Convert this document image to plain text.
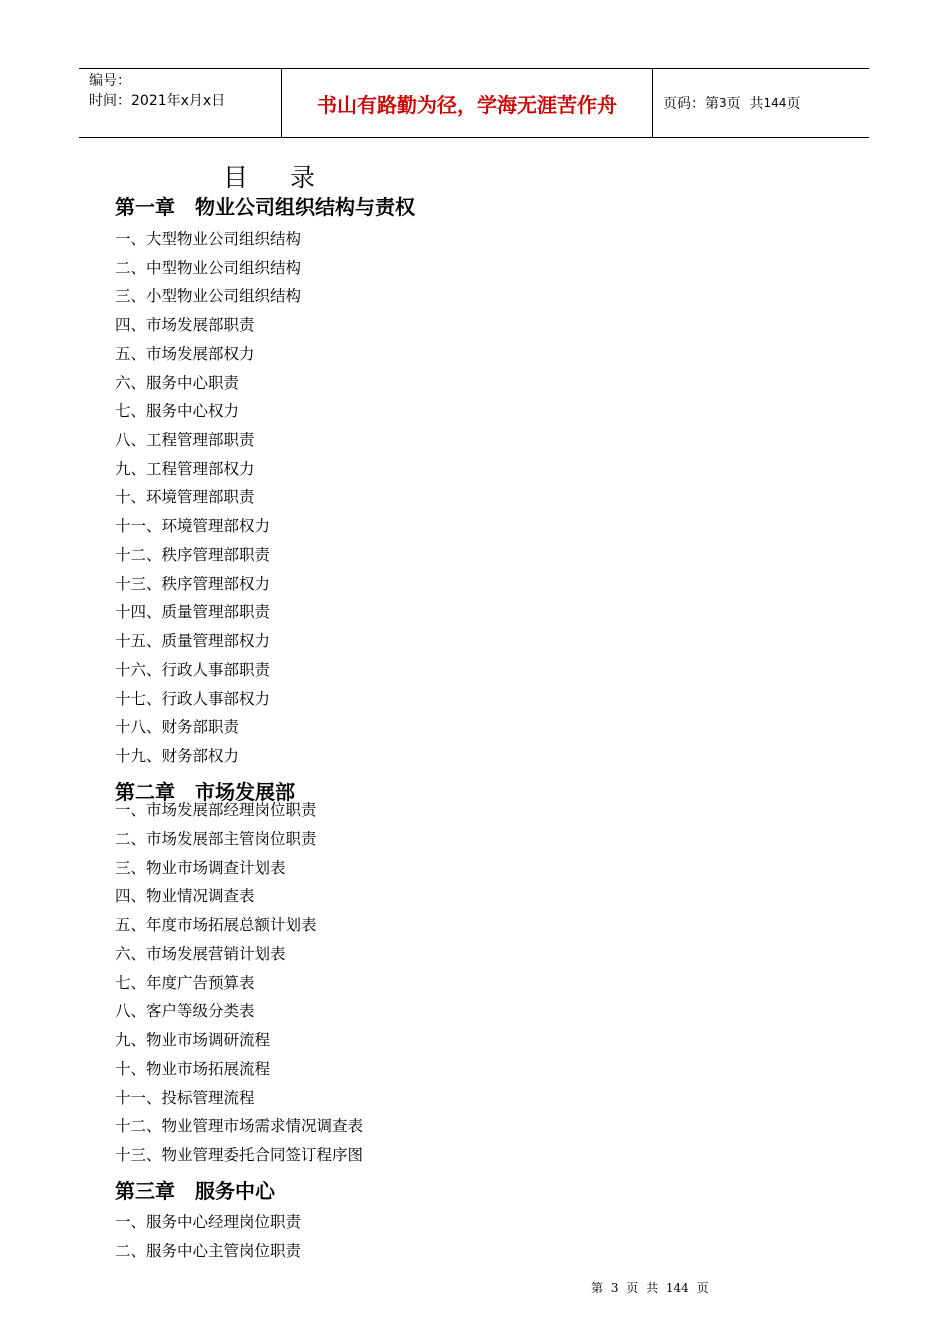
编号：
时间：2021年x月x日	书山有路勤为径，学海无涯苦作舟	页码：第 3 页  共 144 页
目录
第一章　物业公司组织结构与责权
一、大型物业公司组织结构
二、中型物业公司组织结构
三、小型物业公司组织结构
四、市场发展部职责
五、市场发展部权力
六、服务中心职责
七、服务中心权力
八、工程管理部职责
九、工程管理部权力
十、环境管理部职责
十一、环境管理部权力
十二、秩序管理部职责
十三、秩序管理部权力
十四、质量管理部职责
十五、质量管理部权力
十六、行政人事部职责
十七、行政人事部权力
十八、财务部职责
十九、财务部权力
第二章　市场发展部
一、市场发展部经理岗位职责
二、市场发展部主管岗位职责
三、物业市场调查计划表
四、物业情况调查表
五、年度市场拓展总额计划表
六、市场发展营销计划表
七、年度广告预算表
八、客户等级分类表
九、物业市场调研流程
十、物业市场拓展流程
十一、投标管理流程
十二、物业管理市场需求情况调查表
十三、物业管理委托合同签订程序图
第三章　服务中心
一、服务中心经理岗位职责
二、服务中心主管岗位职责
第 3 页 共 144 页
